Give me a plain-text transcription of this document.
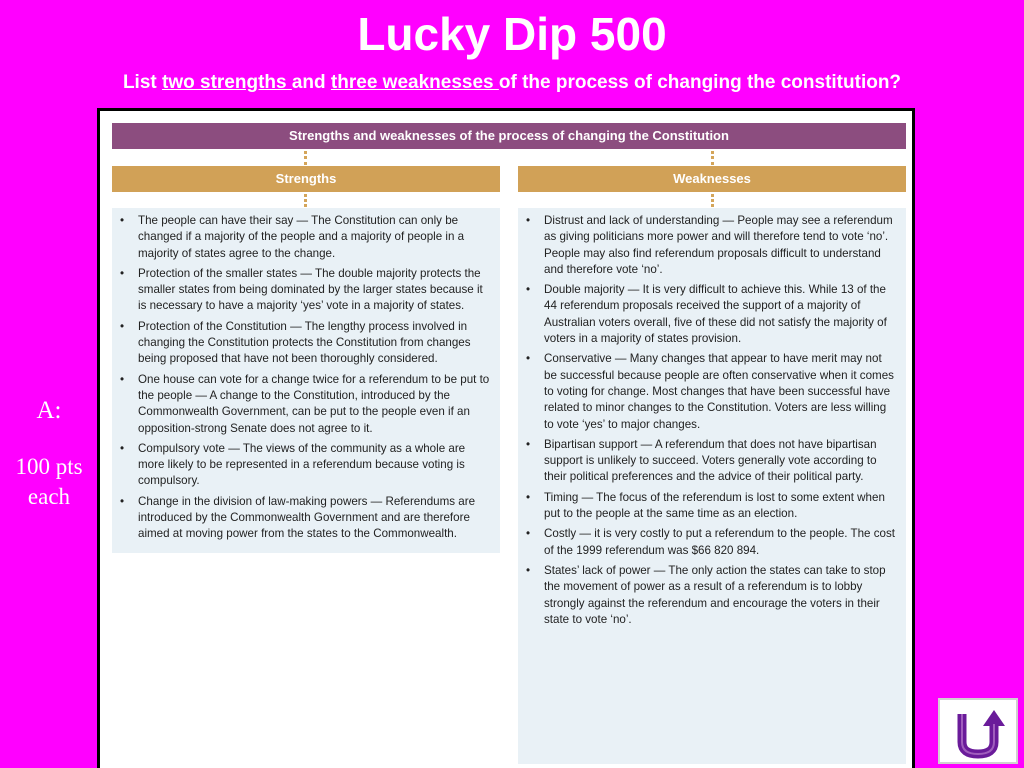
Lucky Dip 500
List two strengths and three weaknesses of the process of changing the constitution?
A:
100 pts
each
Strengths and weaknesses of the process of changing the Constitution
Strengths	Weaknesses
• The people can have their say — The Constitution can only be changed if a majority of the people and a majority of people in a majority of states agree to the change.
• Protection of the smaller states — The double majority protects the smaller states from being dominated by the larger states because it is necessary to have a majority ‘yes’ vote in a majority of states.
• Protection of the Constitution — The lengthy process involved in changing the Constitution protects the Constitution from changes being proposed that have not been thoroughly considered.
• One house can vote for a change twice for a referendum to be put to the people — A change to the Constitution, introduced by the Commonwealth Government, can be put to the people even if an opposition-strong Senate does not agree to it.
• Compulsory vote — The views of the community as a whole are more likely to be represented in a referendum because voting is compulsory.
• Change in the division of law-making powers — Referendums are introduced by the Commonwealth Government and are therefore aimed at moving power from the states to the Commonwealth.
• Distrust and lack of understanding — People may see a referendum as giving politicians more power and will therefore tend to vote ‘no’. People may also find referendum proposals difficult to understand and therefore vote ‘no’.
• Double majority — It is very difficult to achieve this. While 13 of the 44 referendum proposals received the support of a majority of Australian voters overall, five of these did not satisfy the majority of voters in a majority of states provision.
• Conservative — Many changes that appear to have merit may not be successful because people are often conservative when it comes to voting for change. Most changes that have been successful have related to minor changes to the Constitution. Voters are less willing to vote ‘yes’ to major changes.
• Bipartisan support — A referendum that does not have bipartisan support is unlikely to succeed. Voters generally vote according to their political preferences and the advice of their political party.
• Timing — The focus of the referendum is lost to some extent when put to the people at the same time as an election.
• Costly — it is very costly to put a referendum to the people. The cost of the 1999 referendum was $66 820 894.
• States’ lack of power — The only action the states can take to stop the movement of power as a result of a referendum is to lobby strongly against the referendum and encourage the voters in their state to vote ‘no’.
